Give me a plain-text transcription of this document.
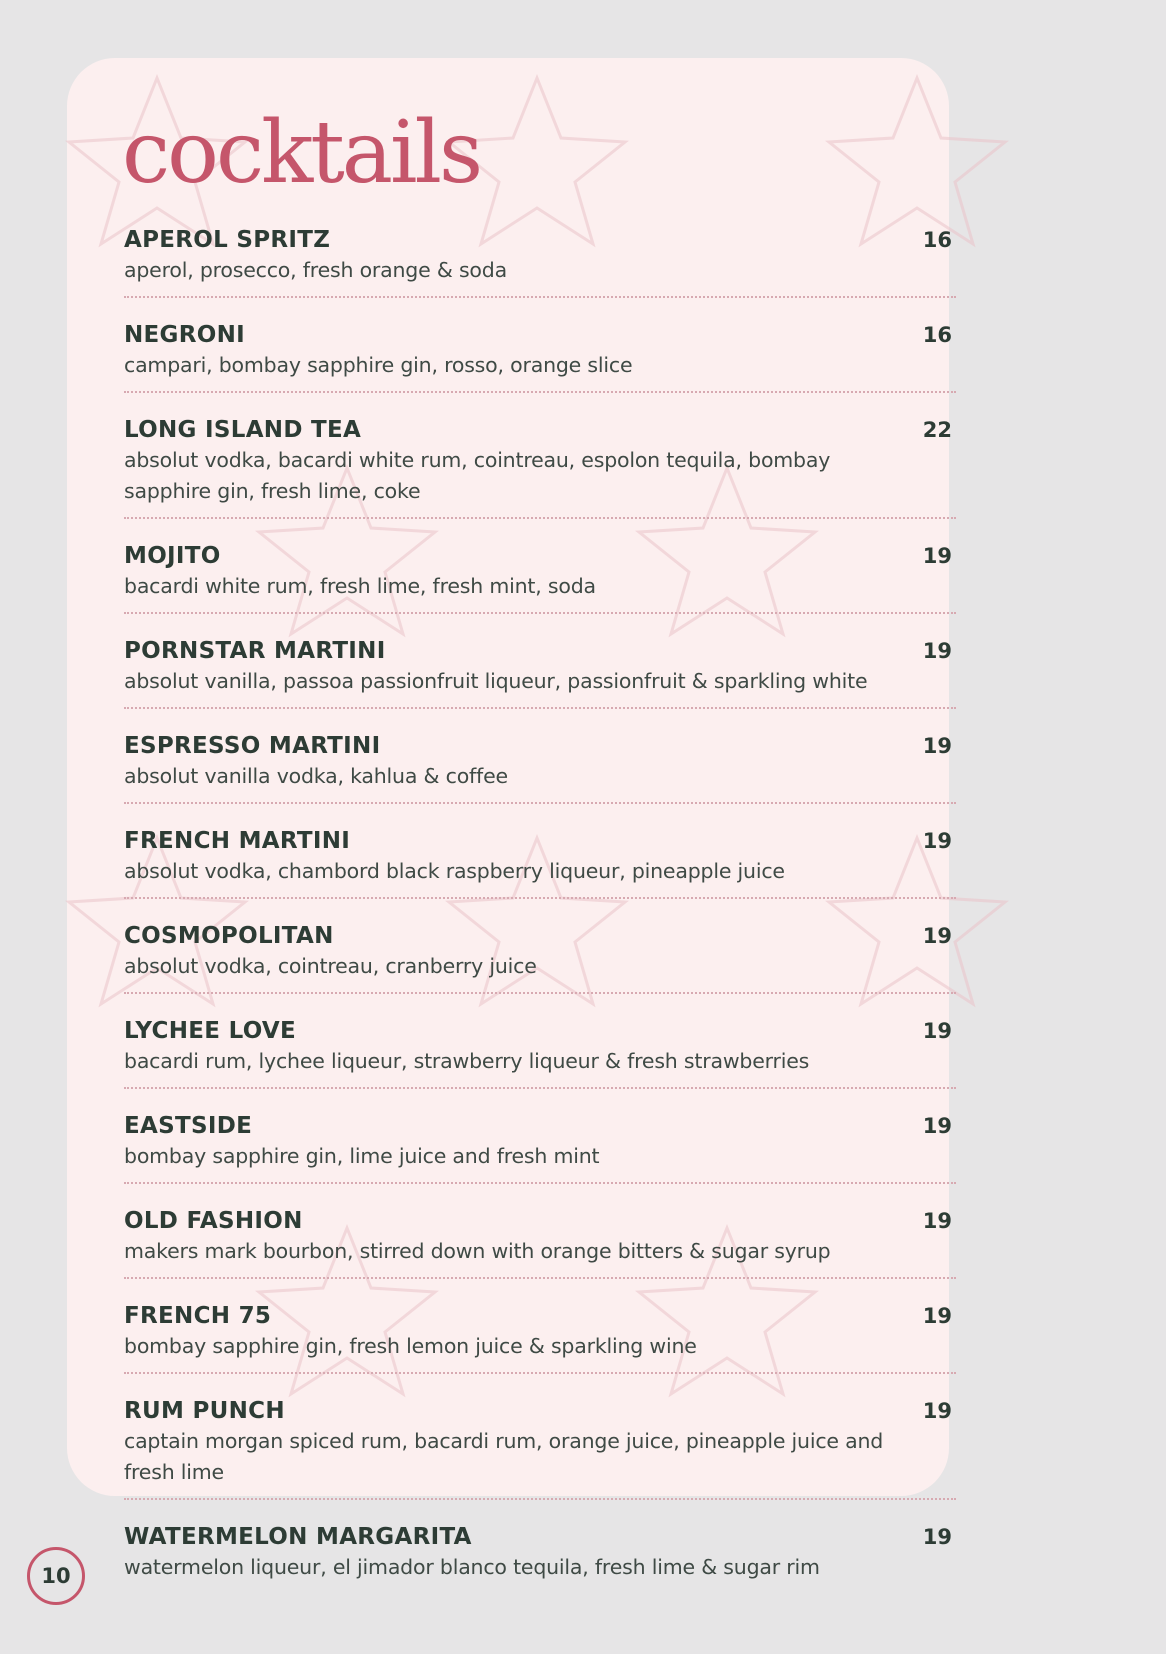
cocktails
APEROL SPRITZ	16
aperol, prosecco, fresh orange & soda
NEGRONI	16
campari, bombay sapphire gin, rosso, orange slice
LONG ISLAND TEA	22
absolut vodka, bacardi white rum, cointreau, espolon tequila, bombay sapphire gin, fresh lime, coke
MOJITO	19
bacardi white rum, fresh lime, fresh mint, soda
PORNSTAR MARTINI	19
absolut vanilla, passoa passionfruit liqueur, passionfruit & sparkling white
ESPRESSO MARTINI	19
absolut vanilla vodka, kahlua & coffee
FRENCH MARTINI	19
absolut vodka, chambord black raspberry liqueur, pineapple juice
COSMOPOLITAN	19
absolut vodka, cointreau, cranberry juice
LYCHEE LOVE	19
bacardi rum, lychee liqueur, strawberry liqueur & fresh strawberries
EASTSIDE	19
bombay sapphire gin, lime juice and fresh mint
OLD FASHION	19
makers mark bourbon, stirred down with orange bitters & sugar syrup
FRENCH 75	19
bombay sapphire gin, fresh lemon juice & sparkling wine
RUM PUNCH	19
captain morgan spiced rum, bacardi rum, orange juice, pineapple juice and fresh lime
WATERMELON MARGARITA	19
watermelon liqueur, el jimador blanco tequila, fresh lime & sugar rim
10
